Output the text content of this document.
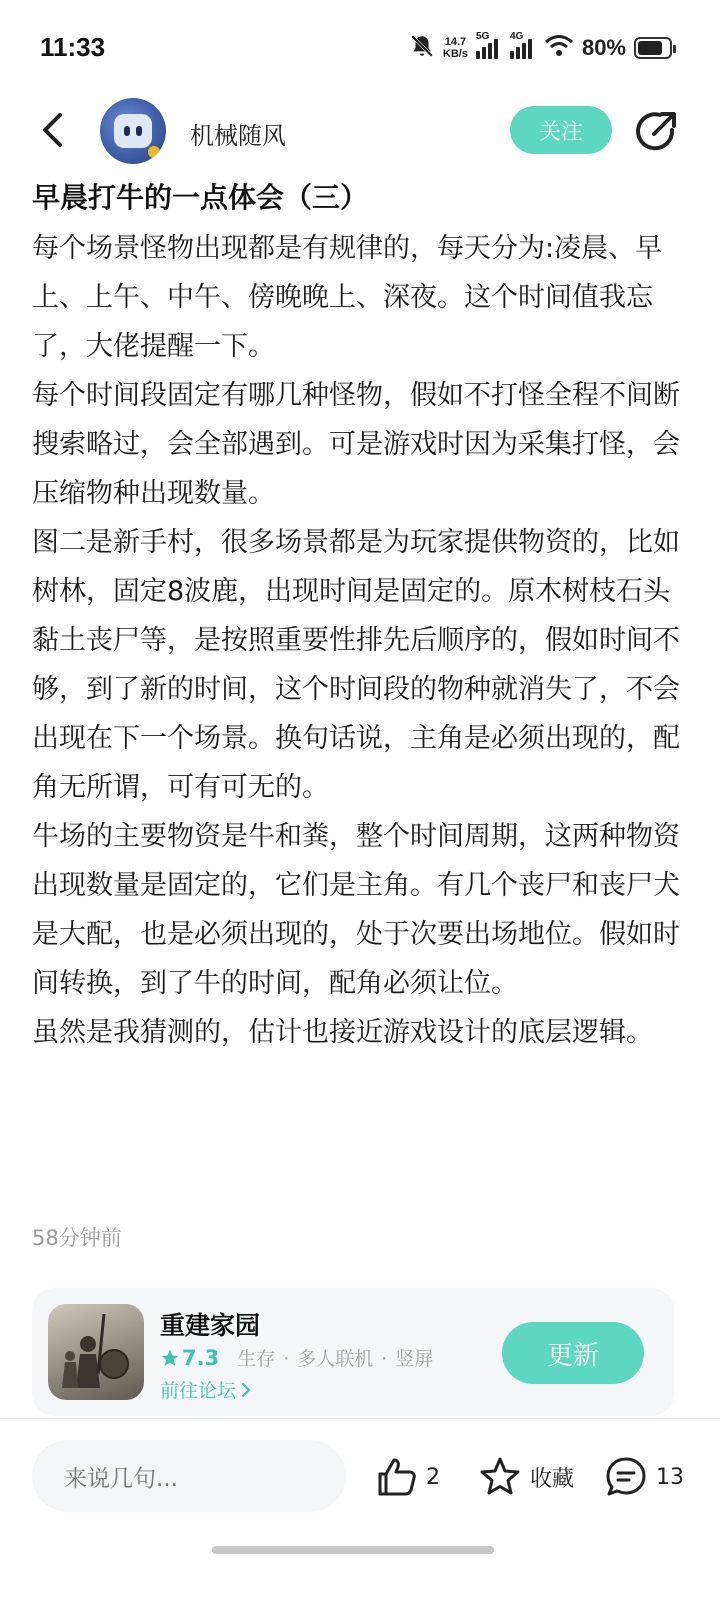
11:33	14.7
KB/s
5G 4G	80%
机械随风	关注
早晨打牛的一点体会（三）

每个场景怪物出现都是有规律的，每天分为:凌晨、早上、上午、中午、傍晚晚上、深夜。这个时间值我忘了，大佬提醒一下。

每个时间段固定有哪几种怪物，假如不打怪全程不间断搜索略过，会全部遇到。可是游戏时因为采集打怪，会压缩物种出现数量。

图二是新手村，很多场景都是为玩家提供物资的，比如树林，固定8波鹿，出现时间是固定的。原木树枝石头黏土丧尸等，是按照重要性排先后顺序的，假如时间不够，到了新的时间，这个时间段的物种就消失了，不会出现在下一个场景。换句话说，主角是必须出现的，配角无所谓，可有可无的。

牛场的主要物资是牛和粪，整个时间周期，这两种物资出现数量是固定的，它们是主角。有几个丧尸和丧尸犬是大配，也是必须出现的，处于次要出场地位。假如时间转换，到了牛的时间，配角必须让位。

虽然是我猜测的，估计也接近游戏设计的底层逻辑。

58分钟前
重建家园
7.3 生存 · 多人联机 · 竖屏
前往论坛
更新
来说几句...	2	收藏	13
